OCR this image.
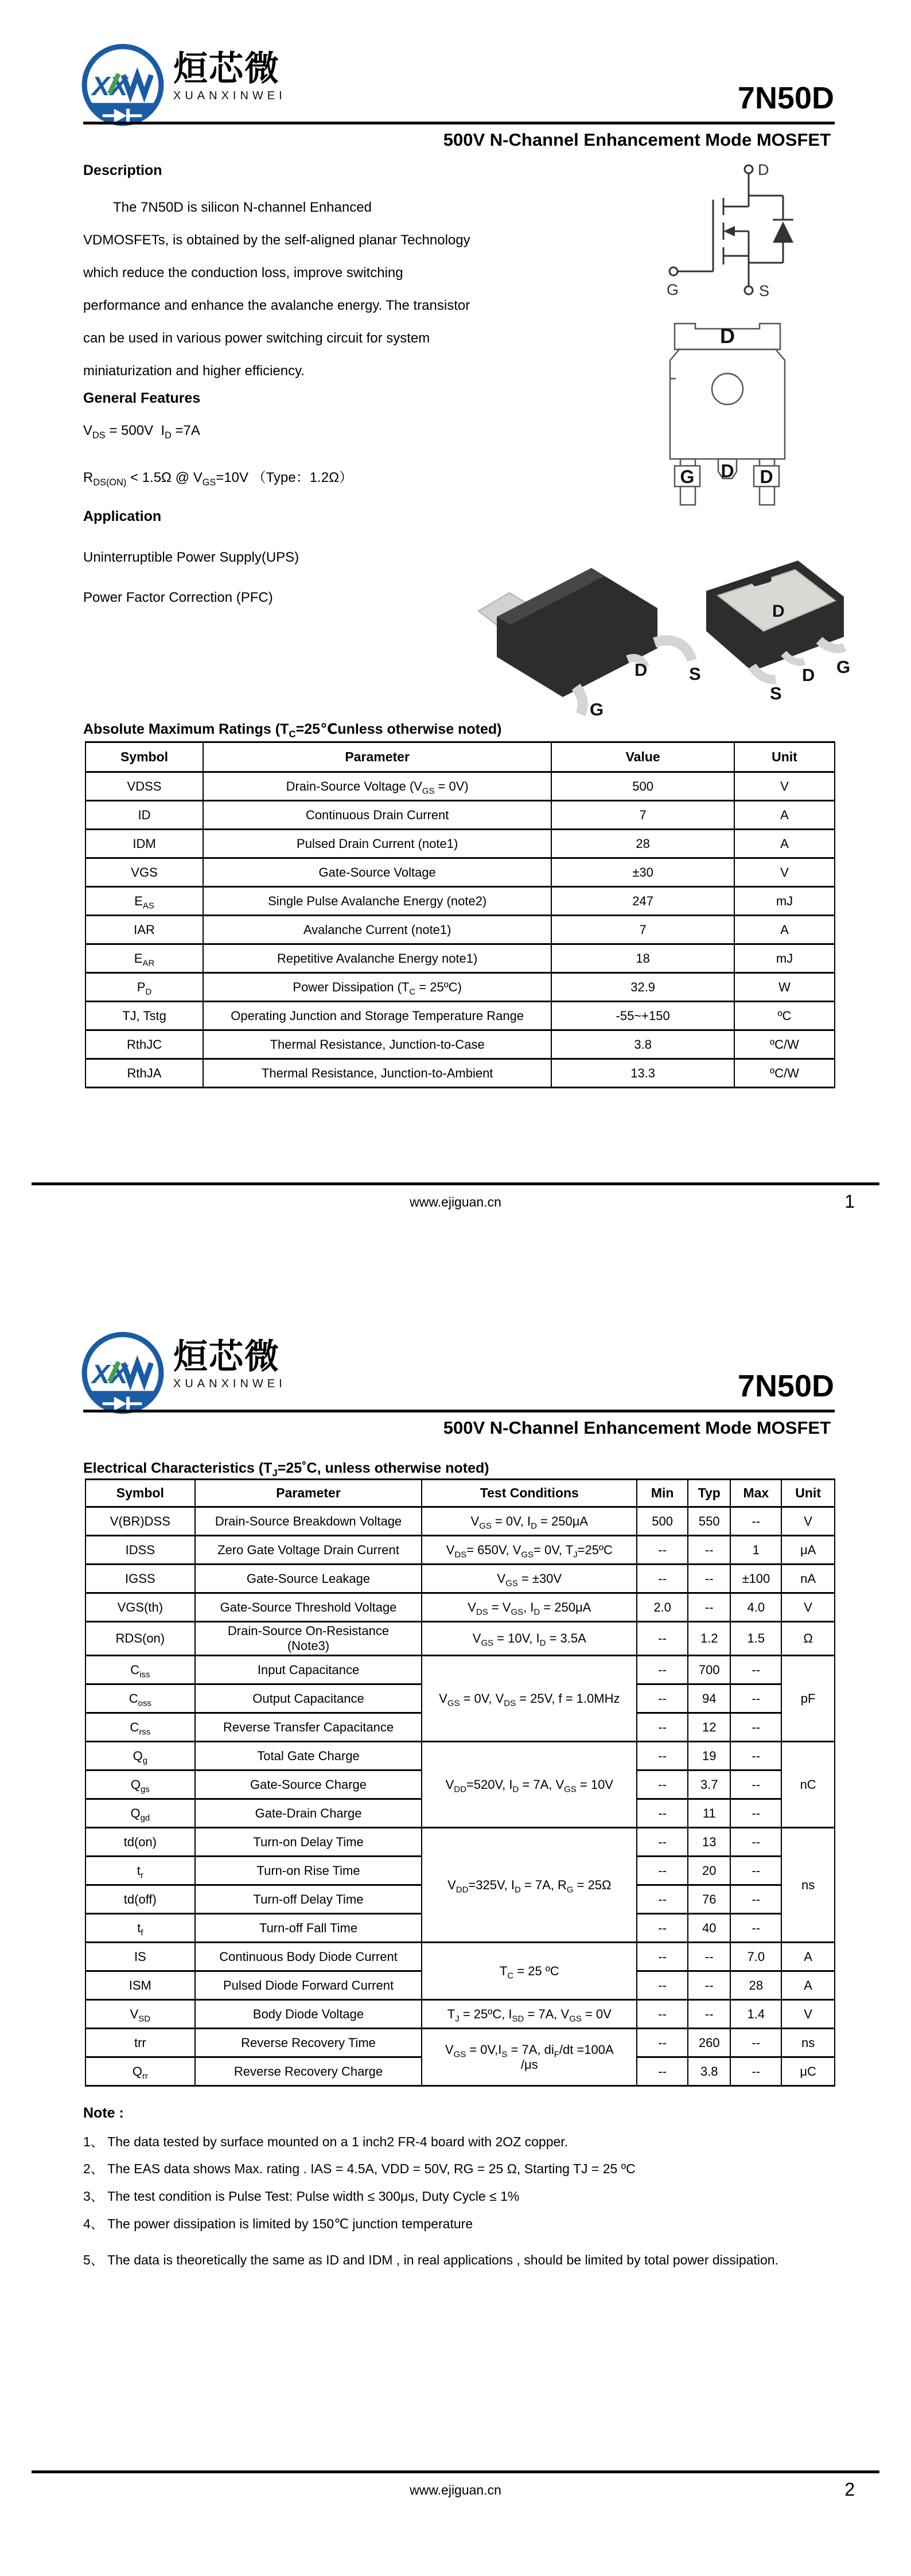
XX 烜芯微
XUANXINWEI	7N50D
500V N-Channel Enhancement Mode MOSFET
Description
The 7N50D is silicon N-channel Enhanced
VDMOSFETs, is obtained by the self-aligned planar Technology
which reduce the conduction loss, improve switching
performance and enhance the avalanche energy. The transistor
can be used in various power switching circuit for system
miniaturization and higher efficiency.
General Features
$V_{DS} = 500V$  $I_D =7A$
$R_{DS(ON)} < 1.5\Omega$ @ $V_{GS}=10V$ （Type：1.2Ω）
Application
Uninterruptible Power Supply(UPS)
Power Factor Correction (PFC)
D
G	S
D
G D D
D S
G
D
S
D G
Absolute Maximum Ratings ($T_C=25℃unless$ otherwise noted)
Symbol	Parameter	Value	Unit
VDSS	Drain-Source Voltage $(V_{GS} = 0V)$	500	V
ID	Continuous Drain Current	7	A
IDM	Pulsed Drain Current (note1)	28	A
VGS	Gate-Source Voltage	±30	V
$E_{AS}$	Single Pulse Avalanche Energy (note2)	247	mJ
IAR	Avalanche Current (note1)	7	A
$E_{AR}$	Repetitive Avalanche Energy note1)	18	mJ
$P_D$	Power Dissipation ($T_C$ = 25ºC)	32.9	W
TJ, Tstg	Operating Junction and Storage Temperature Range	-55~+150	ºC
RthJC	Thermal Resistance, Junction-to-Case	3.8	ºC/W
RthJA	Thermal Resistance, Junction-to-Ambient	13.3	ºC/W
www.ejiguan.cn	1
XX 烜芯微
XUANXINWEI	7N50D
500V N-Channel Enhancement Mode MOSFET
Electrical Characteristics ($T_J=25˚C$, unless otherwise noted)
Symbol	Parameter	Test Conditions	Min	Typ	Max	Unit
V(BR)DSS	Drain-Source Breakdown Voltage	$V_{GS} = 0V$, $I_D = 250\mu A$	500	550	--	V
IDSS	Zero Gate Voltage Drain Current	$V_{DS}= 650V$, $V_{GS}= 0V$, $T_J=25ºC$	--	--	1	μA
IGSS	Gate-Source Leakage	$V_{GS} = \pm 30V$	--	--	±100	nA
VGS(th)	Gate-Source Threshold Voltage	$V_{DS} = V_{GS}$, $I_D = 250\mu A$	2.0	--	4.0	V
RDS(on)	Drain-Source On-Resistance
(Note3)	$V_{GS} = 10V$, $I_D = 3.5A$	--	1.2	1.5	Ω
$C_{iss}$	Input Capacitance	$V_{GS} = 0V$, $V_{DS} = 25V$, f = 1.0MHz	--	700	--	pF
$C_{oss}$	Output Capacitance		--	94	--	
$C_{rss}$	Reverse Transfer Capacitance		--	12	--	
$Q_g$	Total Gate Charge	$V_{DD}=520V$, $I_D = 7A$, $V_{GS} = 10V$	--	19	--	nC
$Q_{gs}$	Gate-Source Charge		--	3.7	--	
$Q_{gd}$	Gate-Drain Charge		--	11	--	
td(on)	Turn-on Delay Time	$V_{DD}=325V$, $I_D = 7A$, $R_G = 25\Omega$	--	13	--	ns
$t_r$	Turn-on Rise Time		--	20	--	
td(off)	Turn-off Delay Time		--	76	--	
$t_f$	Turn-off Fall Time		--	40	--	
IS	Continuous Body Diode Current	$T_C = 25$ ºC	--	--	7.0	A
ISM	Pulsed Diode Forward Current		--	--	28	A
$V_{SD}$	Body Diode Voltage	$T_J$ = 25ºC, $I_{SD} = 7A$, $V_{GS} = 0V$	--	--	1.4	V
trr	Reverse Recovery Time	$V_{GS} = 0V,I_S = 7A$, $di_F/dt =100A$
/μs	--	260	--	ns
$Q_{rr}$	Reverse Recovery Charge		--	3.8	--	μC
Note :
1、 The data tested by surface mounted on a 1 inch2 FR-4 board with 2OZ copper.
2、 The EAS data shows Max. rating . IAS = 4.5A, VDD = 50V, RG = 25 Ω, Starting TJ = 25 ºC
3、 The test condition is Pulse Test: Pulse width ≤ 300μs, Duty Cycle ≤ 1%
4、 The power dissipation is limited by 150℃ junction temperature
5、 The data is theoretically the same as ID and IDM , in real applications , should be limited by total power dissipation.
www.ejiguan.cn	2
